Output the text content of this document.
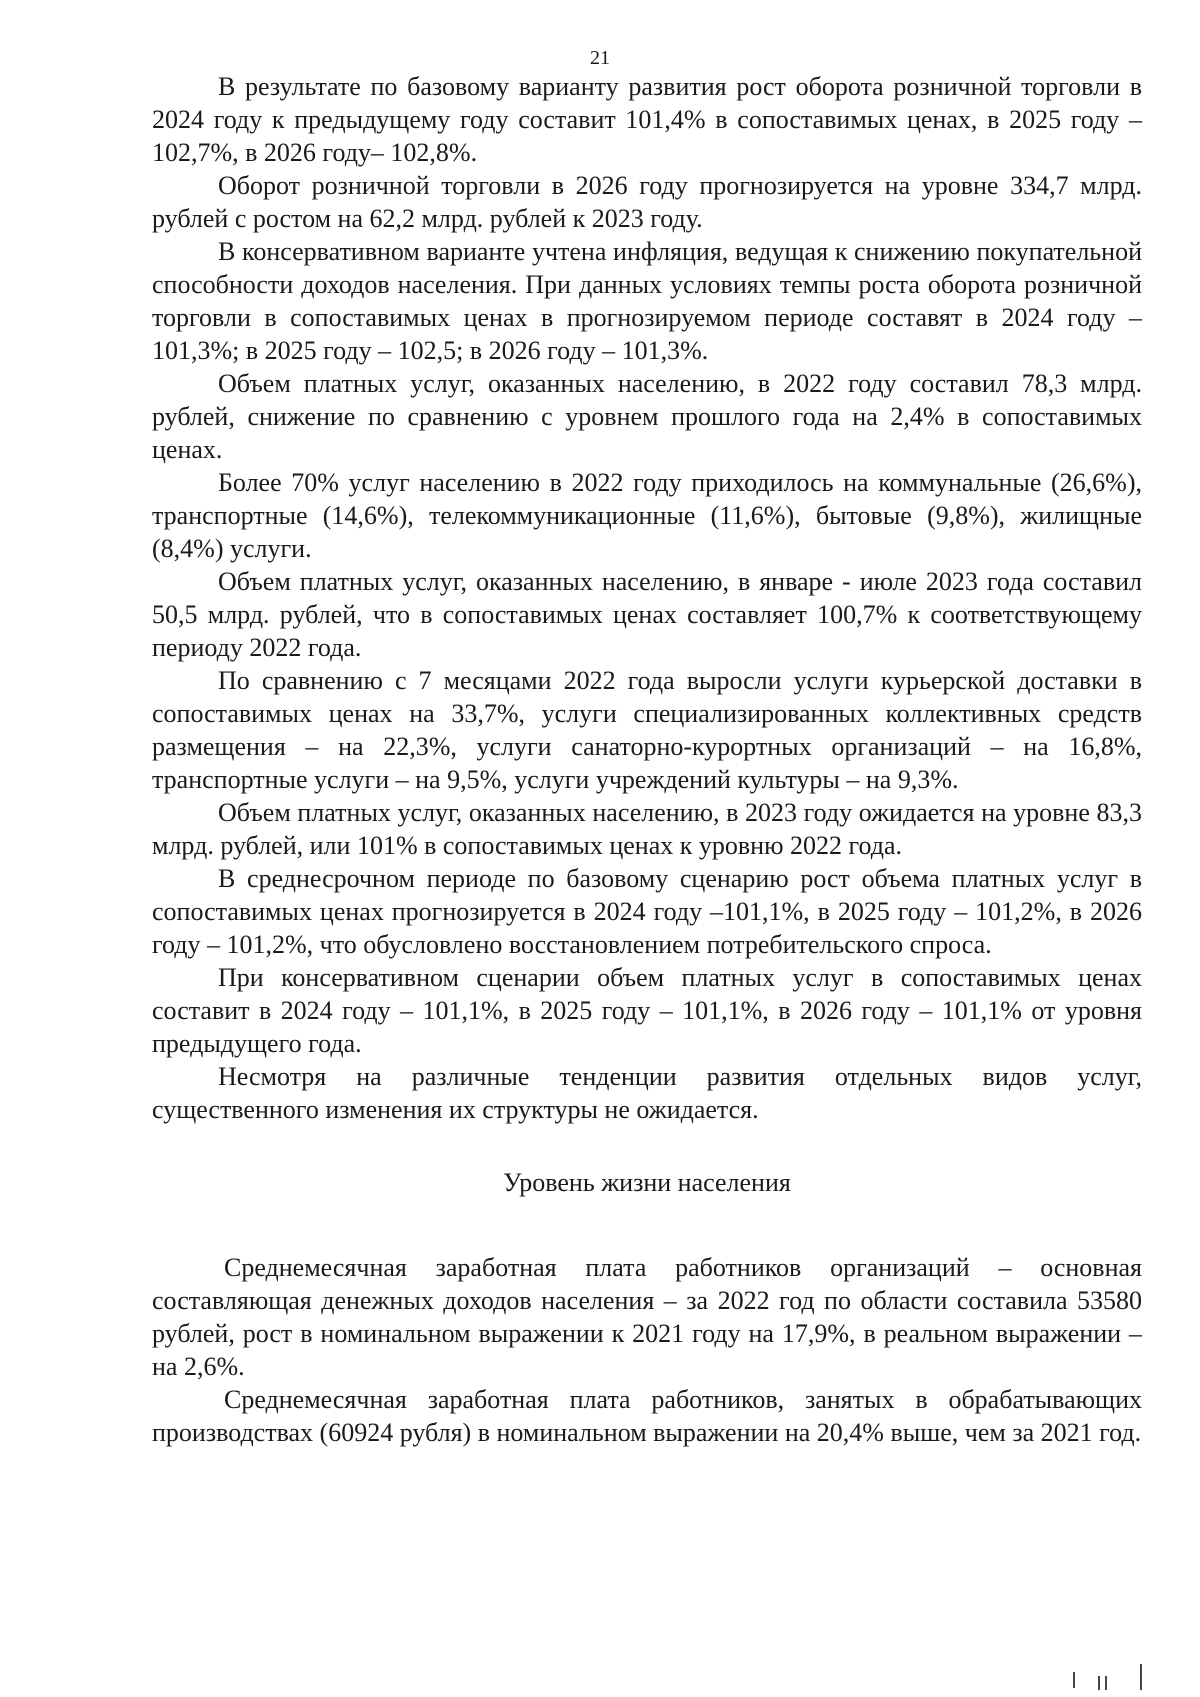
21

В результате по базовому варианту развития рост оборота розничной торговли в 2024 году к предыдущему году составит 101,4% в сопоставимых ценах, в 2025 году – 102,7%, в 2026 году– 102,8%.

Оборот розничной торговли в 2026 году прогнозируется на уровне 334,7 млрд. рублей с ростом на 62,2 млрд. рублей к 2023 году.

В консервативном варианте учтена инфляция, ведущая к снижению покупательной способности доходов населения. При данных условиях темпы роста оборота розничной торговли в сопоставимых ценах в прогнозируемом периоде составят в 2024 году – 101,3%; в 2025 году – 102,5; в 2026 году – 101,3%.

Объем платных услуг, оказанных населению, в 2022 году составил 78,3 млрд. рублей, снижение по сравнению с уровнем прошлого года на 2,4% в сопоставимых ценах.

Более 70% услуг населению в 2022 году приходилось на коммунальные (26,6%), транспортные (14,6%), телекоммуникационные (11,6%), бытовые (9,8%), жилищные (8,4%) услуги.

Объем платных услуг, оказанных населению, в январе - июле 2023 года составил 50,5 млрд. рублей, что в сопоставимых ценах составляет 100,7% к соответствующему периоду 2022 года.

По сравнению с 7 месяцами 2022 года выросли услуги курьерской доставки в сопоставимых ценах на 33,7%, услуги специализированных коллективных средств размещения – на 22,3%, услуги санаторно-курортных организаций – на 16,8%, транспортные услуги – на 9,5%, услуги учреждений культуры – на 9,3%.

Объем платных услуг, оказанных населению, в 2023 году ожидается на уровне 83,3 млрд. рублей, или 101% в сопоставимых ценах к уровню 2022 года.

В среднесрочном периоде по базовому сценарию рост объема платных услуг в сопоставимых ценах прогнозируется в 2024 году –101,1%, в 2025 году – 101,2%, в 2026 году – 101,2%, что обусловлено восстановлением потребительского спроса.

При консервативном сценарии объем платных услуг в сопоставимых ценах составит в 2024 году – 101,1%, в 2025 году – 101,1%, в 2026 году – 101,1% от уровня предыдущего года.

Несмотря на различные тенденции развития отдельных видов услуг, существенного изменения их структуры не ожидается.

Уровень жизни населения

Среднемесячная заработная плата работников организаций – основная составляющая денежных доходов населения – за 2022 год по области составила 53580 рублей, рост в номинальном выражении к 2021 году на 17,9%, в реальном выражении – на 2,6%.

Среднемесячная заработная плата работников, занятых в обрабатывающих производствах (60924 рубля) в номинальном выражении на 20,4% выше, чем за 2021 год.
